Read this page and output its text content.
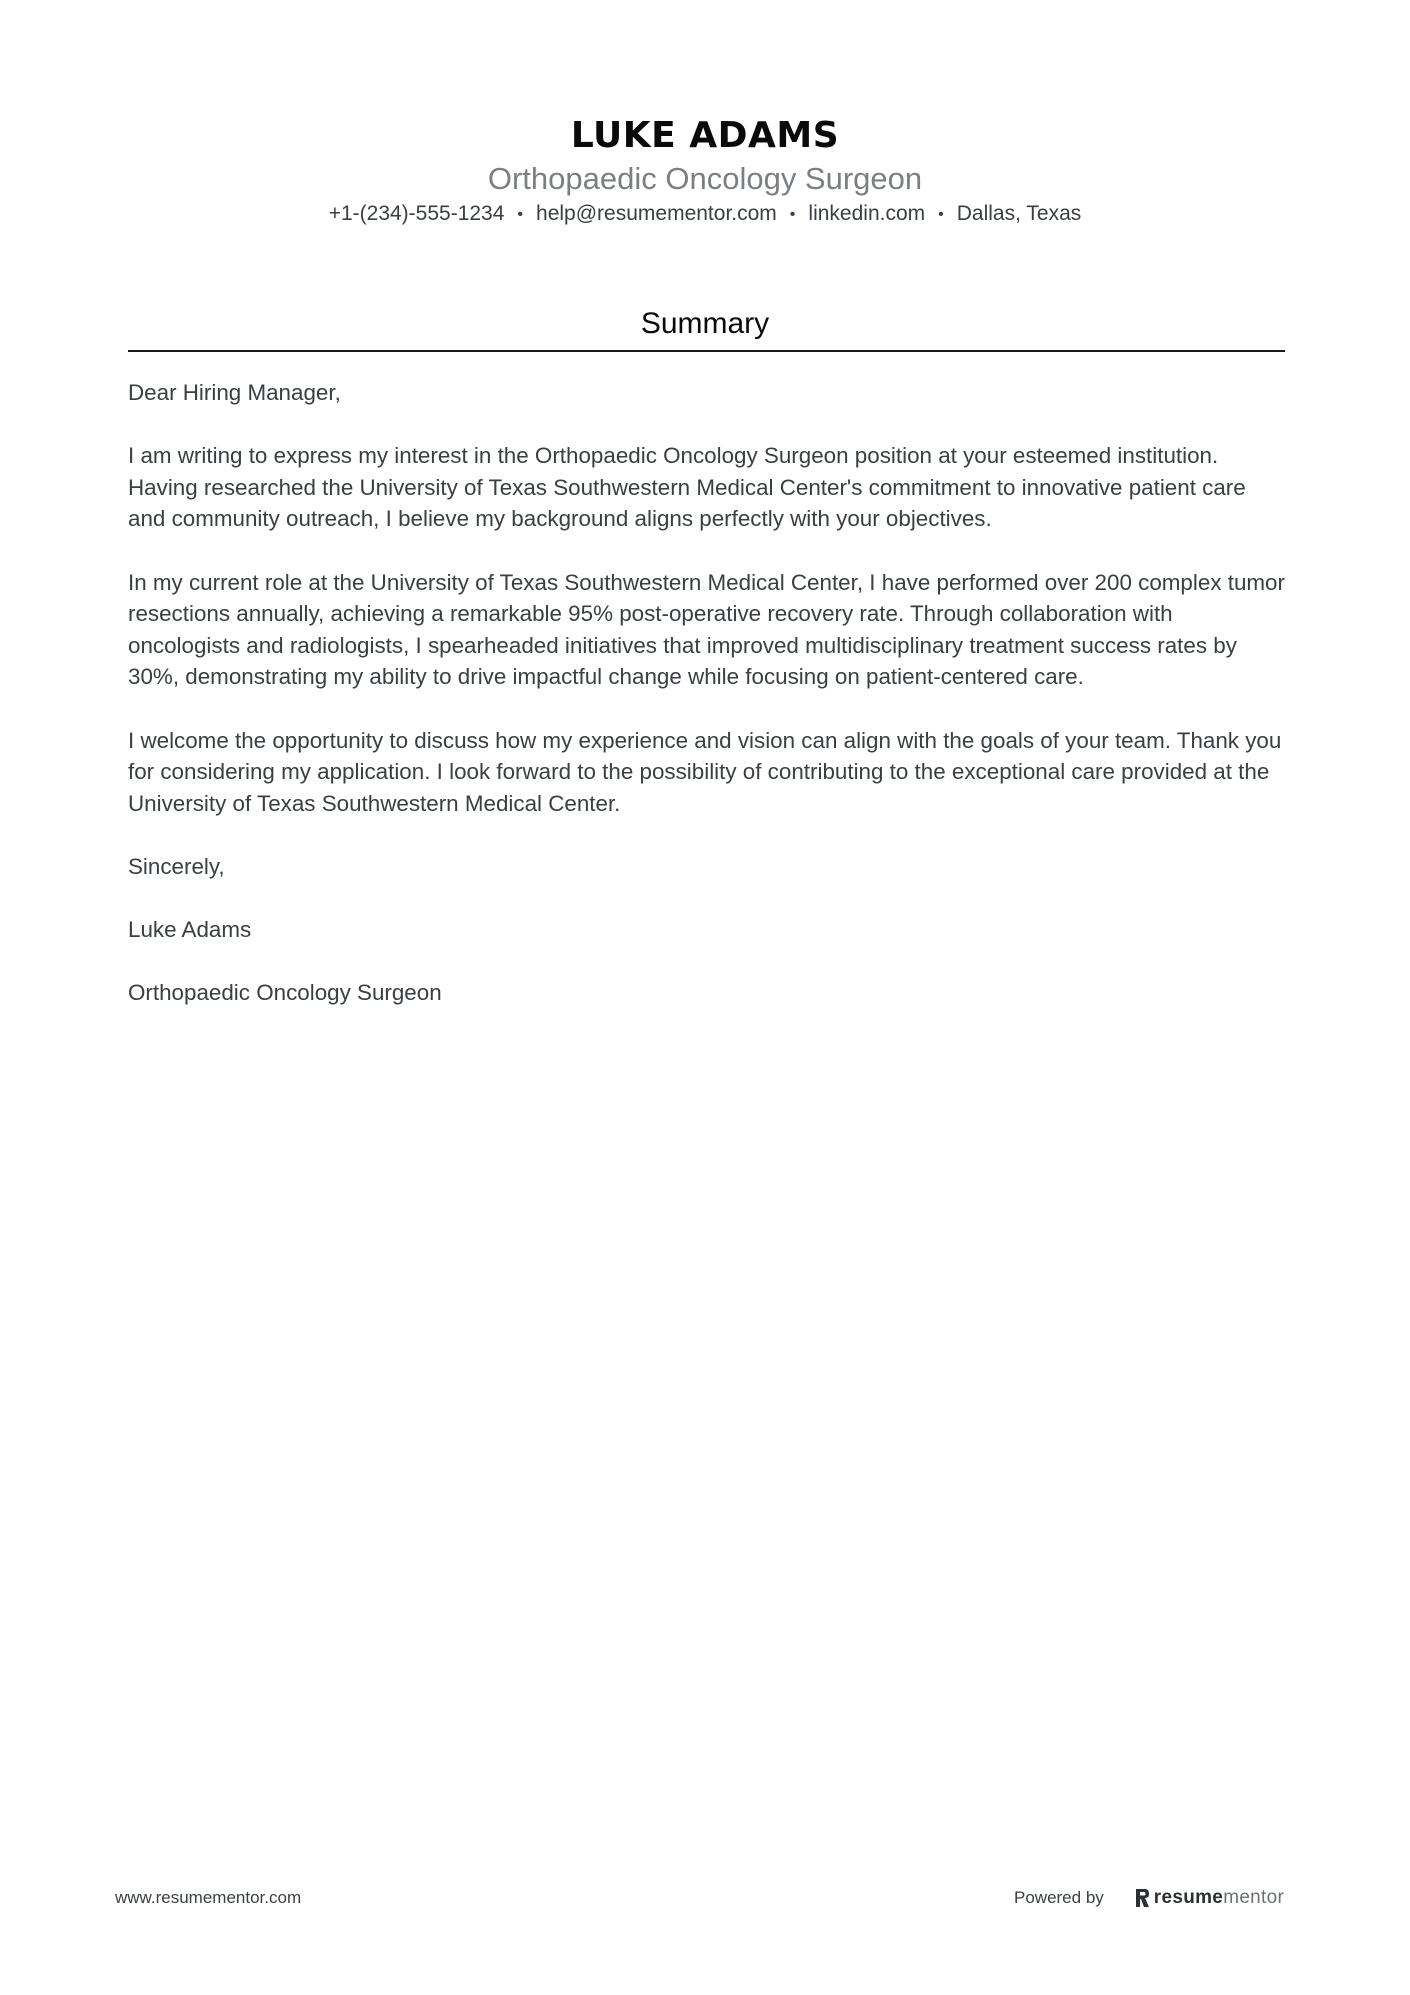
LUKE ADAMS
Orthopaedic Oncology Surgeon
+1-(234)-555-1234 • help@resumementor.com • linkedin.com • Dallas, Texas
Summary

Dear Hiring Manager,

I am writing to express my interest in the Orthopaedic Oncology Surgeon position at your esteemed institution. Having researched the University of Texas Southwestern Medical Center's commitment to innovative patient care and community outreach, I believe my background aligns perfectly with your objectives.

In my current role at the University of Texas Southwestern Medical Center, I have performed over 200 complex tumor resections annually, achieving a remarkable 95% post-operative recovery rate. Through collaboration with oncologists and radiologists, I spearheaded initiatives that improved multidisciplinary treatment success rates by 30%, demonstrating my ability to drive impactful change while focusing on patient-centered care.

I welcome the opportunity to discuss how my experience and vision can align with the goals of your team. Thank you for considering my application. I look forward to the possibility of contributing to the exceptional care provided at the University of Texas Southwestern Medical Center.

Sincerely,

Luke Adams

Orthopaedic Oncology Surgeon

www.resumementor.com	Powered by	resumementor
